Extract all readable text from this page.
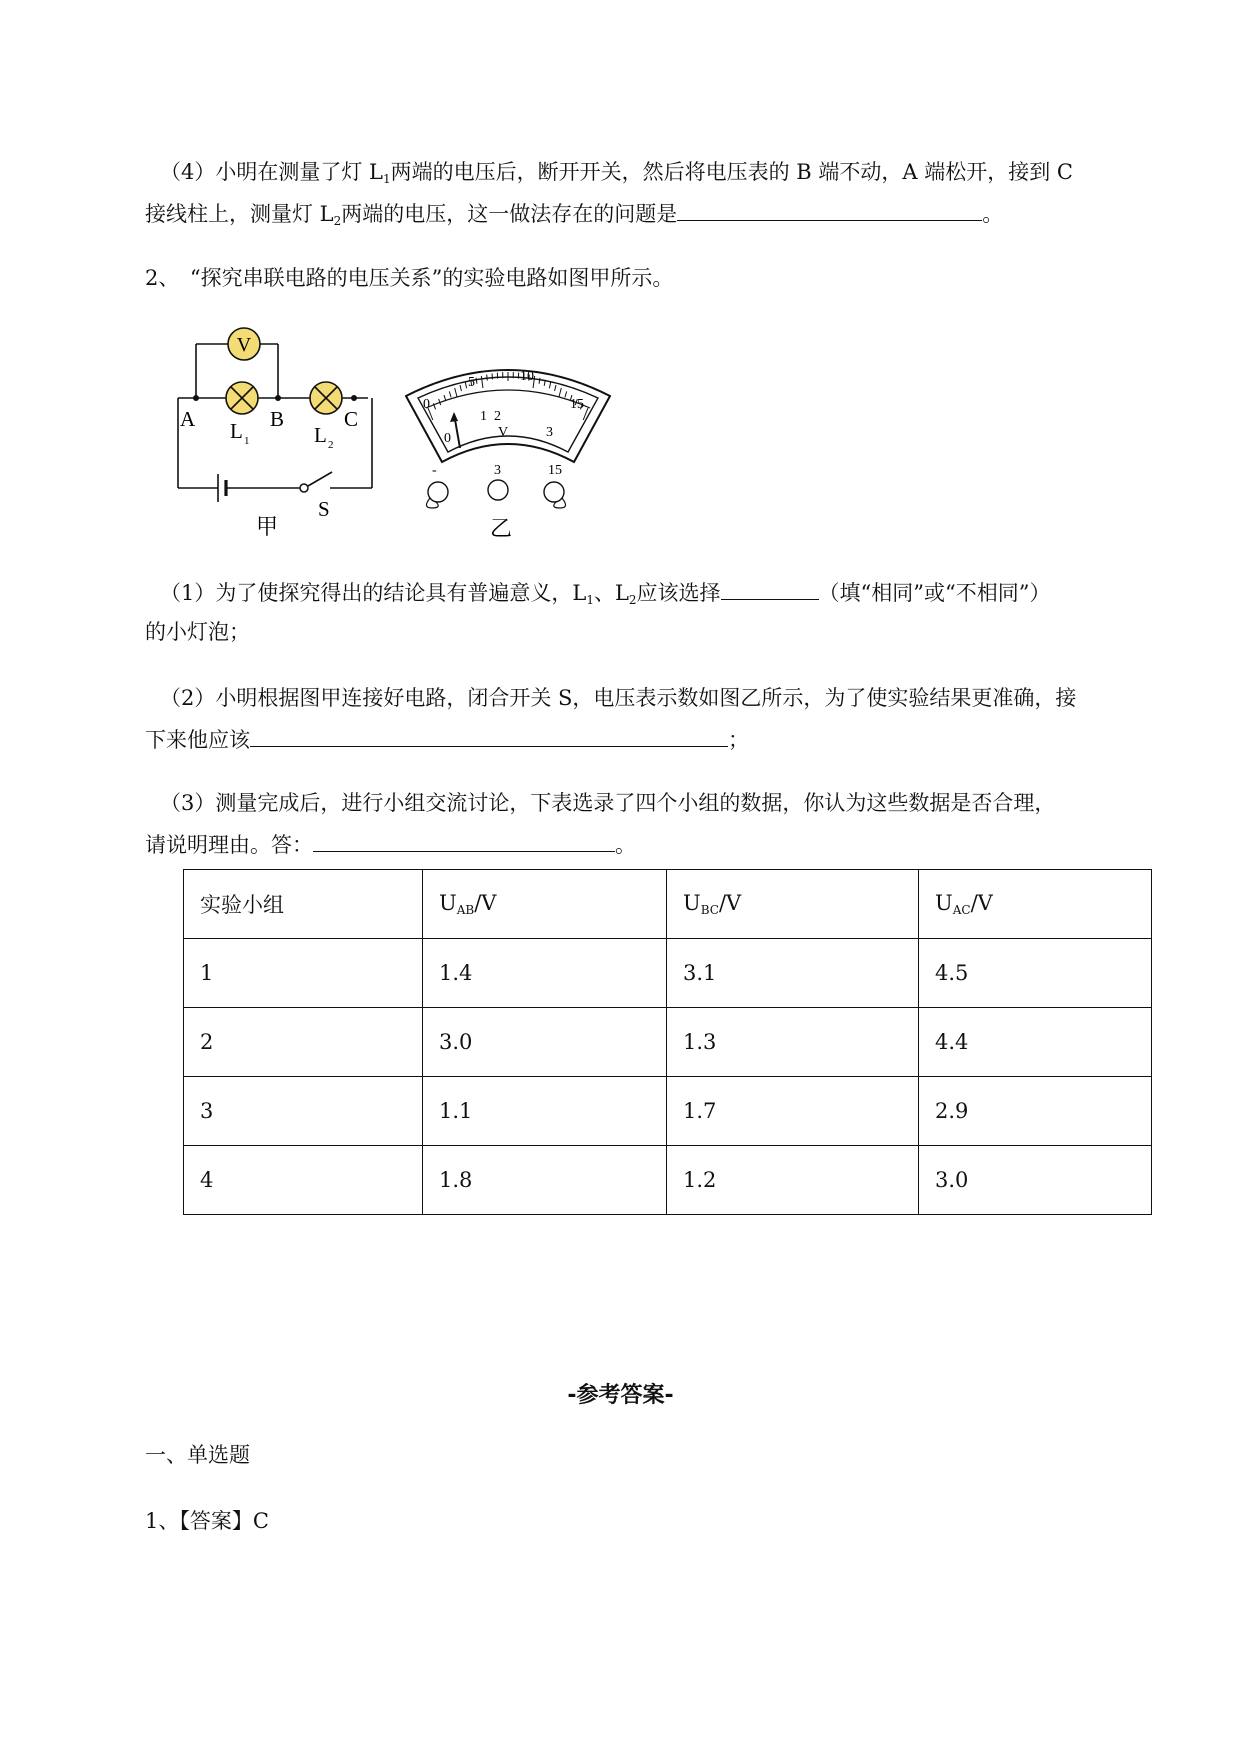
（4）小明在测量了灯 $L_1$两端的电压后，断开开关，然后将电压表的 B 端不动，A 端松开，接到 C
接线柱上，测量灯 $L_2$两端的电压，这一做法存在的问题是	。
2、　“探究串联电路的电压关系”的实验电路如图甲所示。
V
A	B	C
L 1	L 2
S
甲
0
5	10
15
0
1 2
3
V
-	3	15
乙
（1）为了使探究得出的结论具有普遍意义，$L_1$、$L_2$应该选择	（填“相同”或“不相同”）
的小灯泡；
（2）小明根据图甲连接好电路，闭合开关 S，电压表示数如图乙所示，为了使实验结果更准确，接
下来他应该	；
（3）测量完成后，进行小组交流讨论，下表选录了四个小组的数据，你认为这些数据是否合理，
请说明理由。答：	。
实验小组	$U_{AB}/V$	$U_{BC}/V$	$U_{AC}/V$
1	1.4	3.1	4.5
2	3.0	1.3	4.4
3	1.1	1.7	2.9
4	1.8	1.2	3.0
-参考答案-
一、单选题
1、【答案】C
